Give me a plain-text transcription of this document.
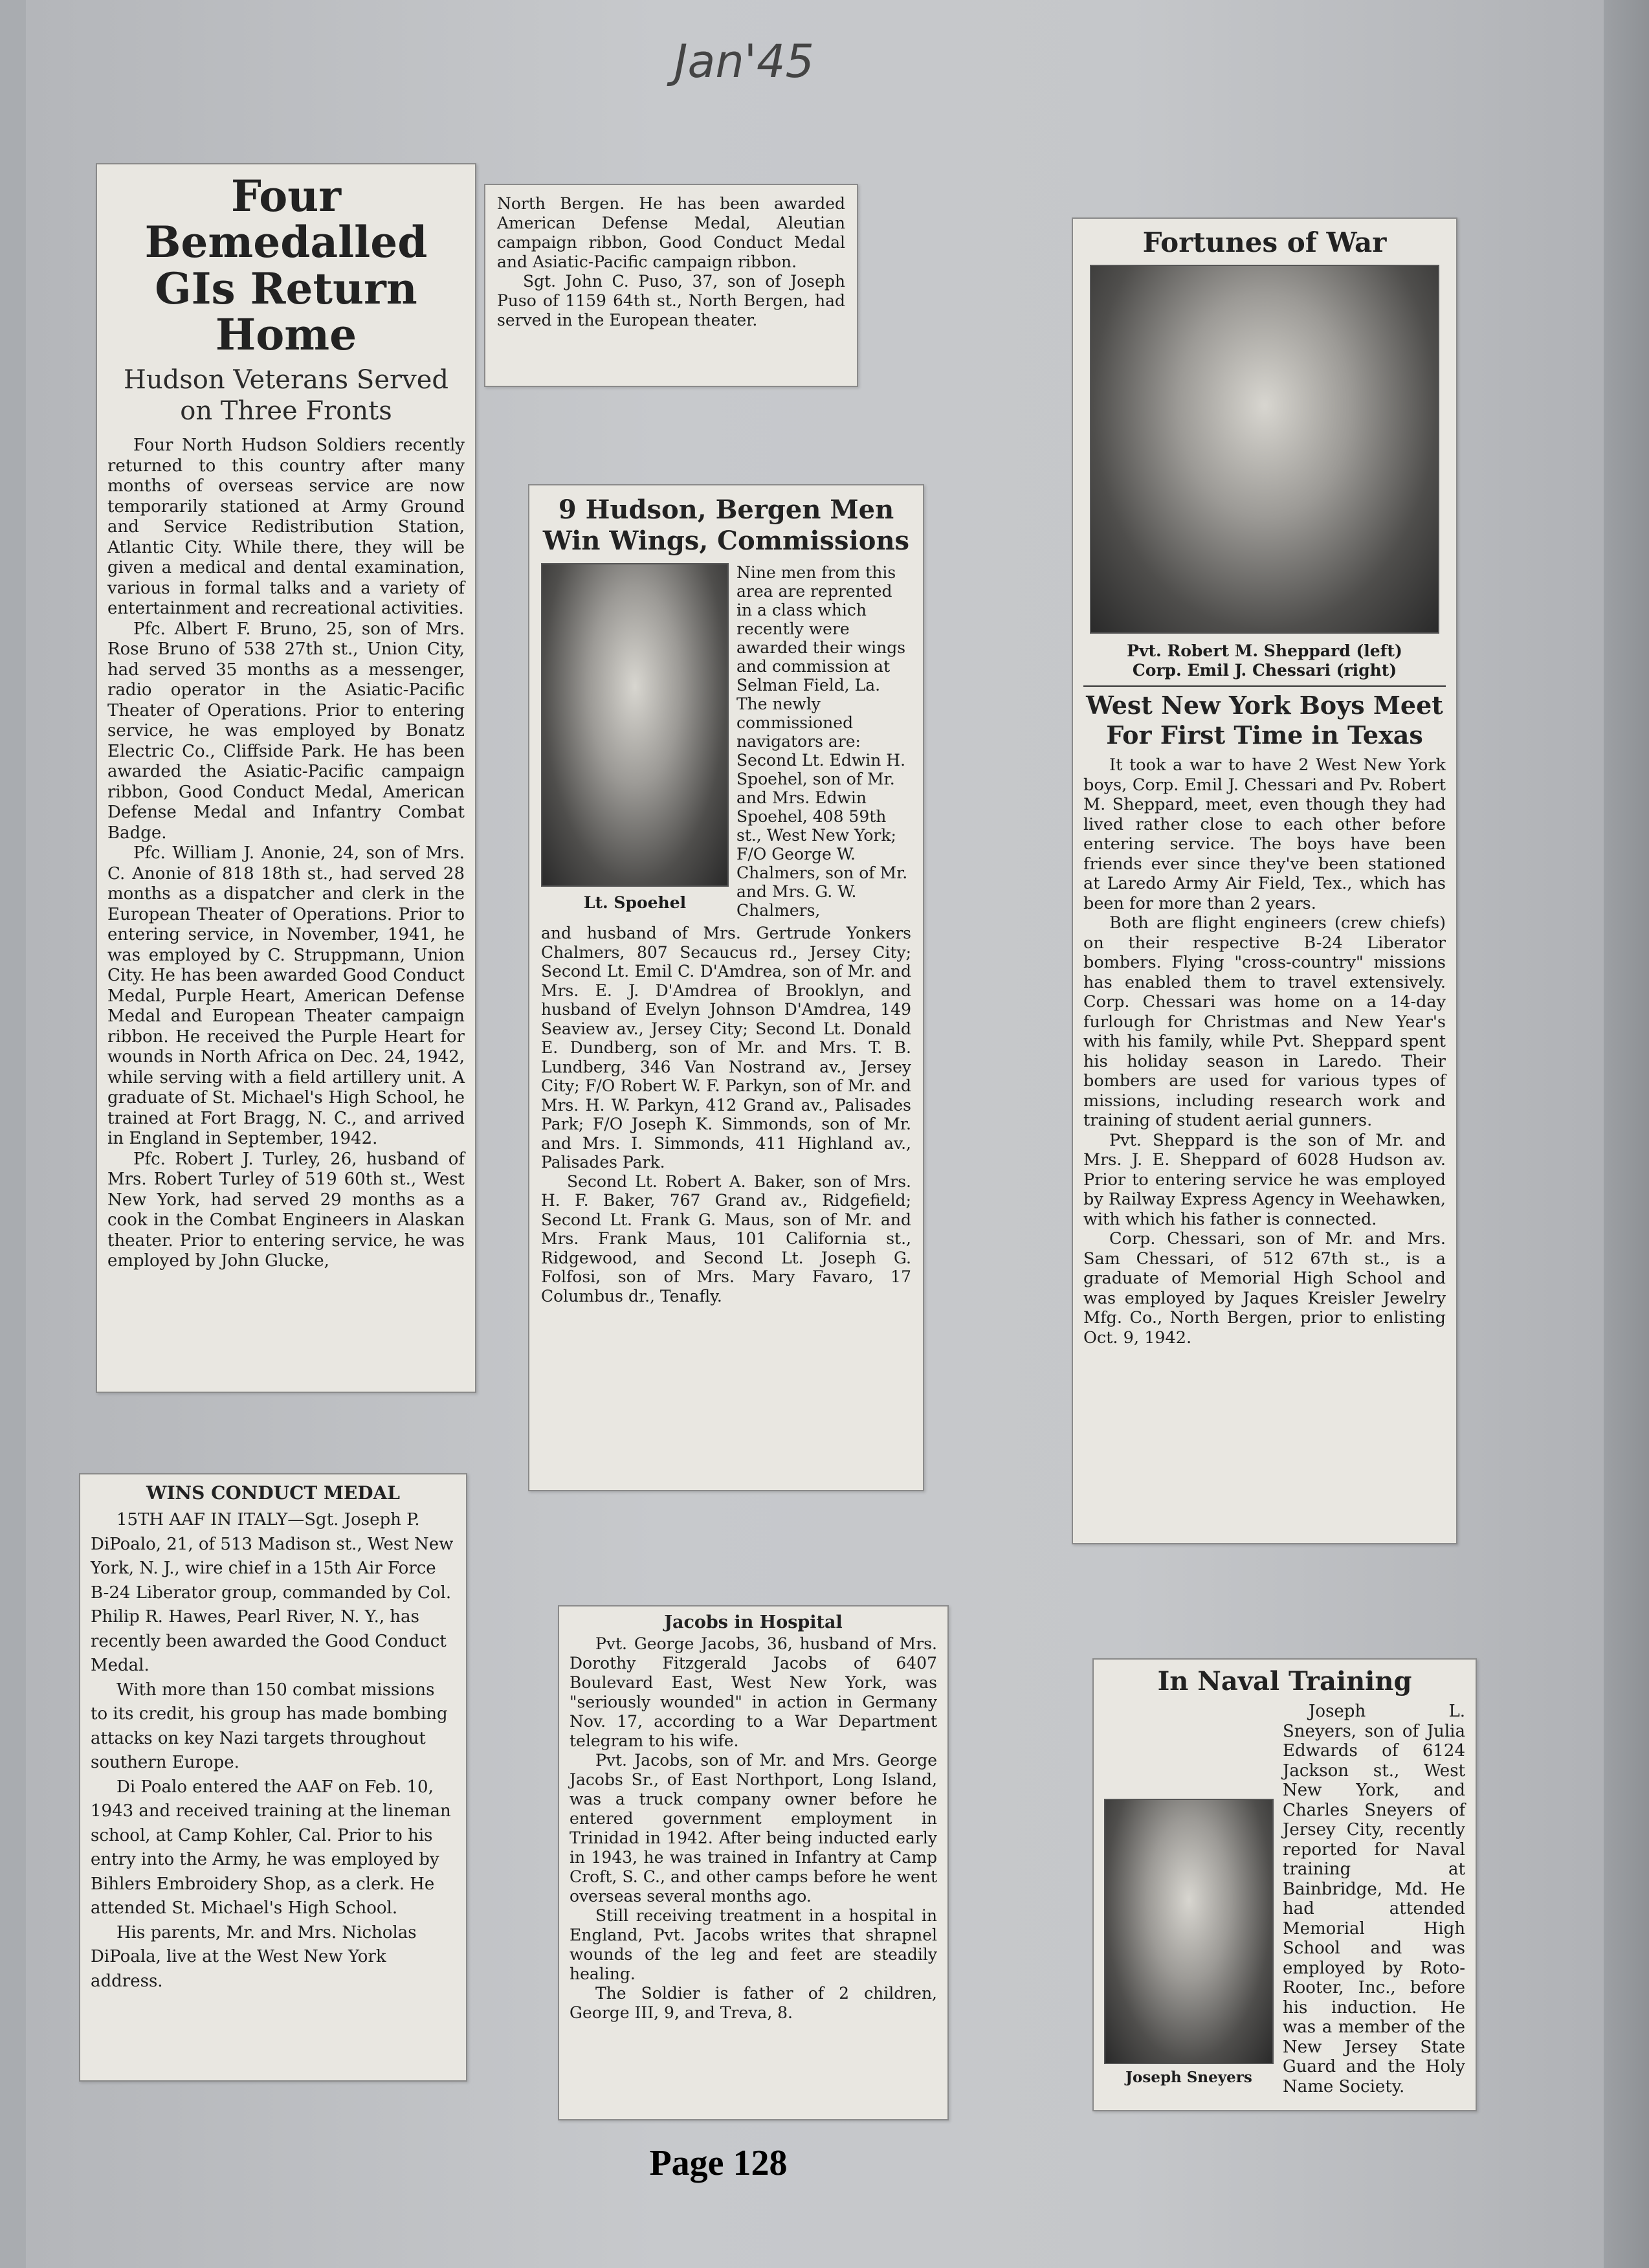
Jan'45
Four Bemedalled
GIs Return Home
Hudson Veterans Served on Three Fronts

Four North Hudson Soldiers recently returned to this country after many months of overseas service are now temporarily stationed at Army Ground and Service Redistribution Station, Atlantic City. While there, they will be given a medical and dental examination, various in formal talks and a variety of entertainment and recreational activities.

Pfc. Albert F. Bruno, 25, son of Mrs. Rose Bruno of 538 27th st., Union City, had served 35 months as a messenger, radio operator in the Asiatic-Pacific Theater of Operations. Prior to entering service, he was employed by Bonatz Electric Co., Cliffside Park. He has been awarded the Asiatic-Pacific campaign ribbon, Good Conduct Medal, American Defense Medal and Infantry Combat Badge.

Pfc. William J. Anonie, 24, son of Mrs. C. Anonie of 818 18th st., had served 28 months as a dispatcher and clerk in the European Theater of Operations. Prior to entering service, in November, 1941, he was employed by C. Struppmann, Union City. He has been awarded Good Conduct Medal, Purple Heart, American Defense Medal and European Theater campaign ribbon. He received the Purple Heart for wounds in North Africa on Dec. 24, 1942, while serving with a field artillery unit. A graduate of St. Michael's High School, he trained at Fort Bragg, N. C., and arrived in England in September, 1942.

Pfc. Robert J. Turley, 26, husband of Mrs. Robert Turley of 519 60th st., West New York, had served 29 months as a cook in the Combat Engineers in Alaskan theater. Prior to entering service, he was employed by John Glucke,

North Bergen. He has been awarded American Defense Medal, Aleutian campaign ribbon, Good Conduct Medal and Asiatic-Pacific campaign ribbon.

Sgt. John C. Puso, 37, son of Joseph Puso of 1159 64th st., North Bergen, had served in the European theater.

9 Hudson, Bergen Men Win Wings, Commissions
Lt. Spoehel
Nine men from this area are reprented in a class which recently were awarded their wings and commission at Selman Field, La. The newly commissioned navigators are: Second Lt. Edwin H. Spoehel, son of Mr. and Mrs. Edwin Spoehel, 408 59th st., West New York; F/O George W. Chalmers, son of Mr. and Mrs. G. W. Chalmers,

and husband of Mrs. Gertrude Yonkers Chalmers, 807 Secaucus rd., Jersey City; Second Lt. Emil C. D'Amdrea, son of Mr. and Mrs. E. J. D'Amdrea of Brooklyn, and husband of Evelyn Johnson D'Amdrea, 149 Seaview av., Jersey City; Second Lt. Donald E. Dundberg, son of Mr. and Mrs. T. B. Lundberg, 346 Van Nostrand av., Jersey City; F/O Robert W. F. Parkyn, son of Mr. and Mrs. H. W. Parkyn, 412 Grand av., Palisades Park; F/O Joseph K. Simmonds, son of Mr. and Mrs. I. Simmonds, 411 Highland av., Palisades Park.

Second Lt. Robert A. Baker, son of Mrs. H. F. Baker, 767 Grand av., Ridgefield; Second Lt. Frank G. Maus, son of Mr. and Mrs. Frank Maus, 101 California st., Ridgewood, and Second Lt. Joseph G. Folfosi, son of Mrs. Mary Favaro, 17 Columbus dr., Tenafly.

Fortunes of War
Pvt. Robert M. Sheppard (left)
Corp. Emil J. Chessari (right)
West New York Boys Meet For First Time in Texas

It took a war to have 2 West New York boys, Corp. Emil J. Chessari and Pv. Robert M. Sheppard, meet, even though they had lived rather close to each other before entering service. The boys have been friends ever since they've been stationed at Laredo Army Air Field, Tex., which has been for more than 2 years.

Both are flight engineers (crew chiefs) on their respective B-24 Liberator bombers. Flying "cross-country" missions has enabled them to travel extensively. Corp. Chessari was home on a 14-day furlough for Christmas and New Year's with his family, while Pvt. Sheppard spent his holiday season in Laredo. Their bombers are used for various types of missions, including research work and training of student aerial gunners.

Pvt. Sheppard is the son of Mr. and Mrs. J. E. Sheppard of 6028 Hudson av. Prior to entering service he was employed by Railway Express Agency in Weehawken, with which his father is connected.

Corp. Chessari, son of Mr. and Mrs. Sam Chessari, of 512 67th st., is a graduate of Memorial High School and was employed by Jaques Kreisler Jewelry Mfg. Co., North Bergen, prior to enlisting Oct. 9, 1942.

WINS CONDUCT MEDAL

15TH AAF IN ITALY—Sgt. Joseph P. DiPoalo, 21, of 513 Madison st., West New York, N. J., wire chief in a 15th Air Force B-24 Liberator group, commanded by Col. Philip R. Hawes, Pearl River, N. Y., has recently been awarded the Good Conduct Medal.

With more than 150 combat missions to its credit, his group has made bombing attacks on key Nazi targets throughout southern Europe.

Di Poalo entered the AAF on Feb. 10, 1943 and received training at the lineman school, at Camp Kohler, Cal. Prior to his entry into the Army, he was employed by Bihlers Embroidery Shop, as a clerk. He attended St. Michael's High School.

His parents, Mr. and Mrs. Nicholas DiPoala, live at the West New York address.

Jacobs in Hospital

Pvt. George Jacobs, 36, husband of Mrs. Dorothy Fitzgerald Jacobs of 6407 Boulevard East, West New York, was "seriously wounded" in action in Germany Nov. 17, according to a War Department telegram to his wife.

Pvt. Jacobs, son of Mr. and Mrs. George Jacobs Sr., of East Northport, Long Island, was a truck company owner before he entered government employment in Trinidad in 1942. After being inducted early in 1943, he was trained in Infantry at Camp Croft, S. C., and other camps before he went overseas several months ago.

Still receiving treatment in a hospital in England, Pvt. Jacobs writes that shrapnel wounds of the leg and feet are steadily healing.

The Soldier is father of 2 children, George III, 9, and Treva, 8.

In Naval Training
Joseph Sneyers
Joseph L. Sneyers, son of Julia Edwards of 6124 Jackson st., West New York, and Charles Sneyers of Jersey City, recently reported for Naval training at Bainbridge, Md. He had attended Memorial High School and was employed by Roto-Rooter, Inc., before his induction. He was a member of the New Jersey State Guard and the Holy Name Society.
Page 128
